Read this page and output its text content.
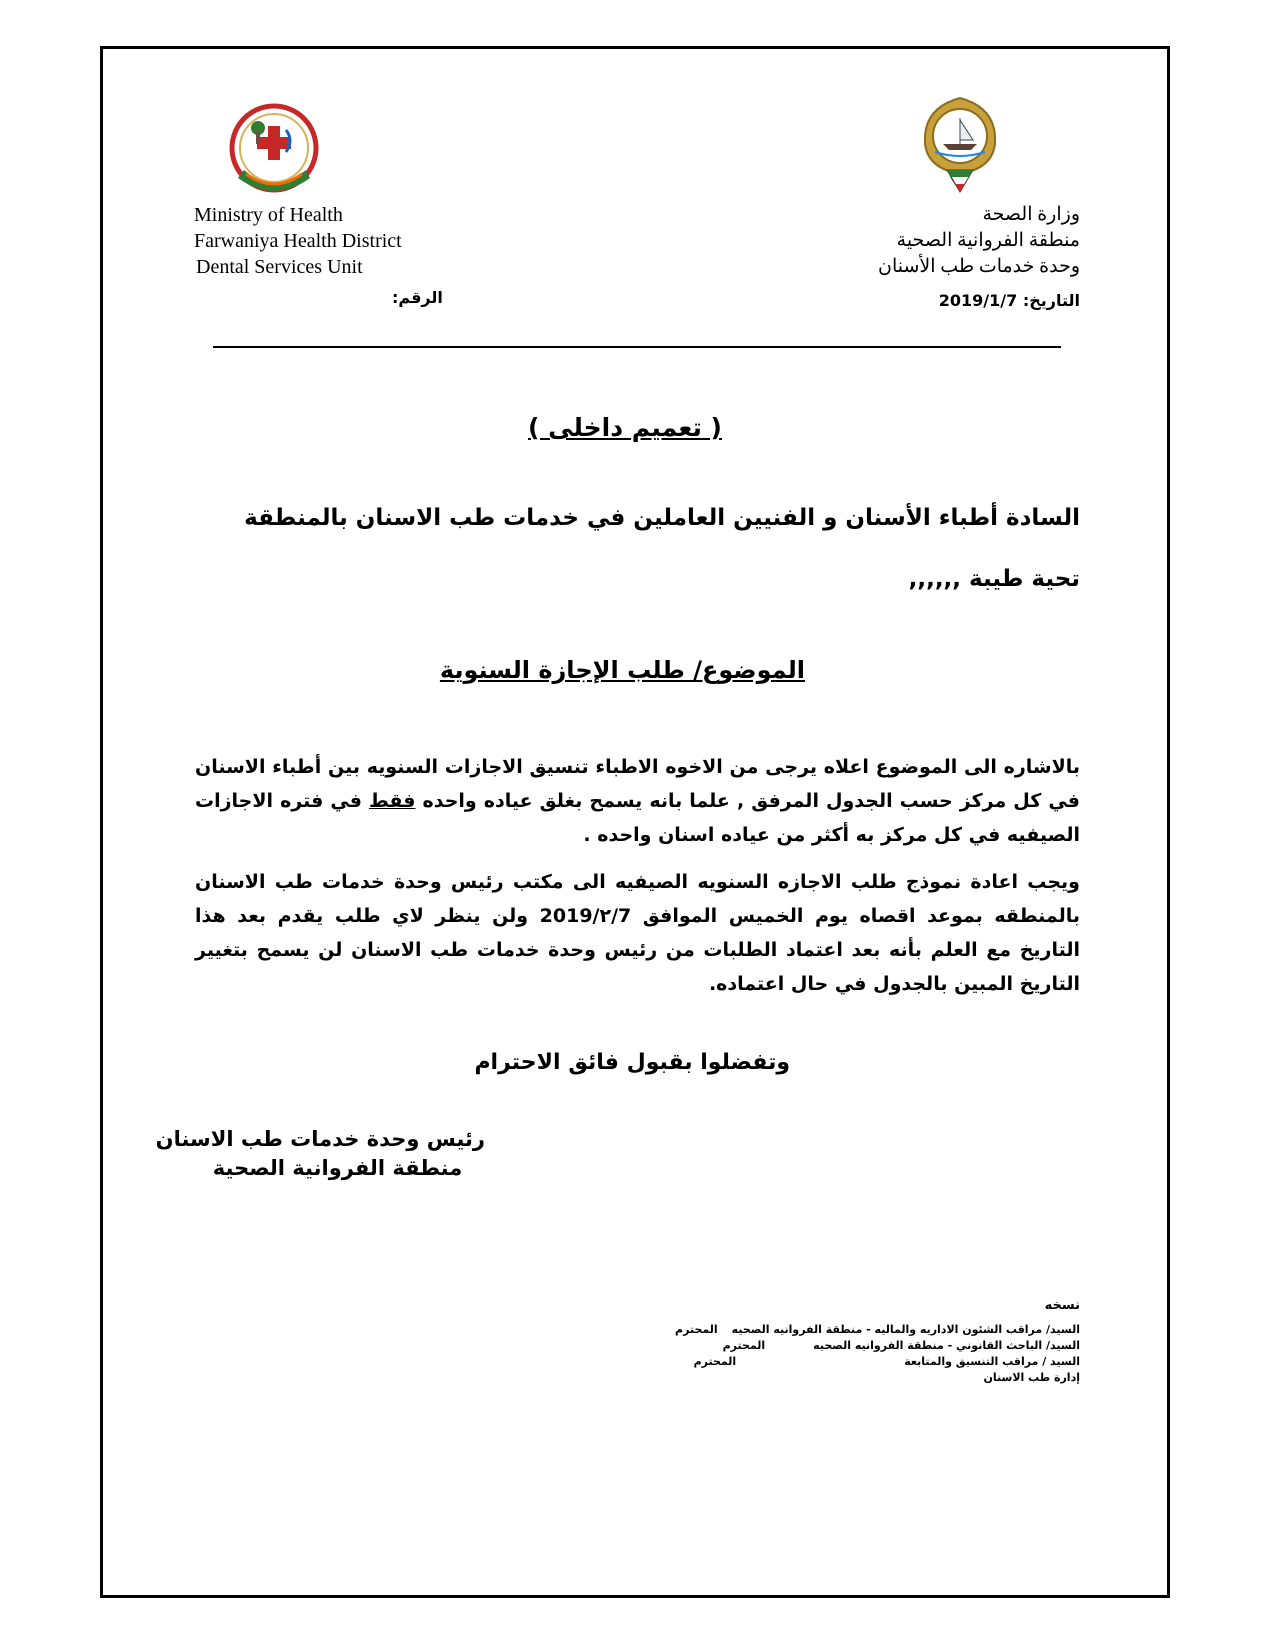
Ministry of Health
Farwaniya Health District
Dental Services Unit
وزارة الصحة
منطقة الفروانية الصحية
وحدة خدمات طب الأسنان
التاريخ: 2019/1/7
الرقم:
( تعميم داخلى )
السادة أطباء الأسنان و الفنيين العاملين في خدمات طب الاسنان بالمنطقة
تحية طيبة ,,,,,,
الموضوع/ طلب الإجازة السنوية
بالاشاره الى الموضوع اعلاه يرجى من الاخوه الاطباء تنسيق الاجازات السنويه بين أطباء الاسنان في كل مركز حسب الجدول المرفق , علما بانه يسمح بغلق عياده واحده فقط في فتره الاجازات الصيفيه في كل مركز به أكثر من عياده اسنان واحده .
ويجب اعادة نموذج طلب الاجازه السنويه الصيفيه الى مكتب رئيس وحدة خدمات طب الاسنان بالمنطقه بموعد اقصاه يوم الخميس الموافق 2019/٢/7 ولن ينظر لاي طلب يقدم بعد هذا التاريخ مع العلم بأنه بعد اعتماد الطلبات من رئيس وحدة خدمات طب الاسنان لن يسمح بتغيير التاريخ المبين بالجدول في حال اعتماده.
وتفضلوا بقبول فائق الاحترام
رئيس وحدة خدمات طب الاسنان
منطقة الفروانية الصحية
نسخه
السيد/ مراقب الشئون الاداريه والماليه - منطقة الفروانيه الصحيهالمحترم
السيد/ الباحث القانوني - منطقة الفروانيه الصحيهالمحترم
السيد / مراقب التنسيق والمتابعةالمحترم
إدارة طب الاسنان
